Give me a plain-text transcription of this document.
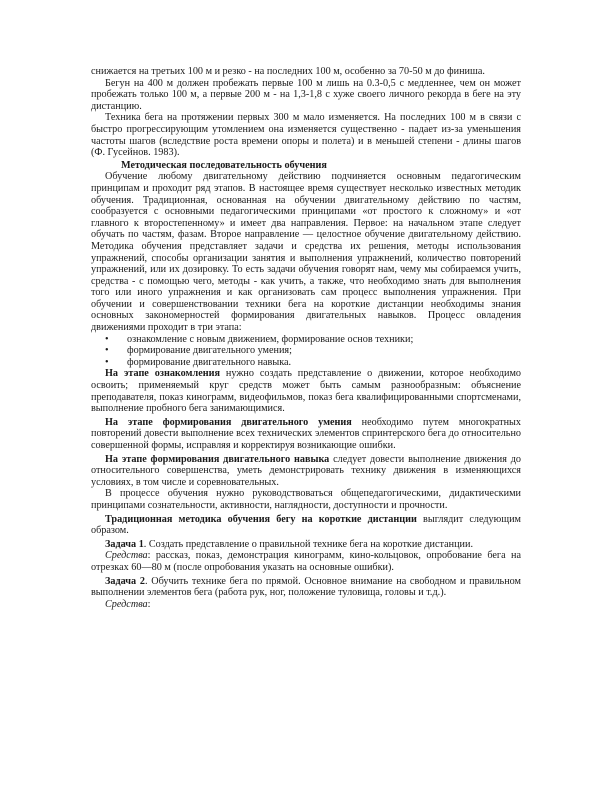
снижается на третьих 100 м и резко - на последних 100 м, особенно за 70-50 м до финиша.

Бегун на 400 м должен пробежать первые 100 м лишь на 0.3-0,5 с медленнее, чем он может пробежать только 100 м, а первые 200 м - на 1,3-1,8 с хуже своего личного рекорда в беге на эту дистанцию.

Техника бега на протяжении первых 300 м мало изменяется. На последних 100 м в связи с быстро прогрессирующим утомлением она изменяется существенно - падает из-за уменьшения частоты шагов (вследствие роста времени опоры и полета) и в меньшей степени - длины шагов (Ф. Гусейнов. 1983).

Методическая последовательность обучения

Обучение любому двигательному действию подчиняется основным педагогическим принципам и проходит ряд этапов. В настоящее время существует несколько известных методик обучения. Традиционная, основанная на обучении двигательному действию по частям, сообразуется с основными педагогическими принципами «от простого к сложному» и «от главного к второстепенному» и имеет два направления. Первое: на начальном этапе следует обучать по частям, фазам. Второе направление — целостное обучение двигательному действию. Методика обучения представляет задачи и средства их решения, методы использования упражнений, способы организации занятия и выполнения упражнений, количество повторений упражнений, или их дозировку. То есть задачи обучения говорят нам, чему мы собираемся учить, средства - с помощью чего, методы - как учить, а также, что необходимо знать для выполнения того или иного упражнения и как организовать сам процесс выполнения упражнения. При обучении и совершенствовании техники бега на короткие дистанции необходимы знания основных закономерностей формирования двигательных навыков. Процесс овладения движениями проходит в три этапа:

• ознакомление с новым движением, формирование основ техники;
• формирование двигательного умения;
• формирование двигательного навыка.

На этапе ознакомления нужно создать представление о движении, которое необходимо освоить; применяемый круг средств может быть самым разнообразным: объяснение преподавателя, показ кинограмм, видеофильмов, показ бега квалифицированными спортсменами, выполнение пробного бега занимающимися.

На этапе формирования двигательного умения необходимо путем многократных повторений довести выполнение всех технических элементов спринтерского бега до относительно совершенной формы, исправляя и корректируя возникающие ошибки.

На этапе формирования двигательного навыка следует довести выполнение движения до относительного совершенства, уметь демонстрировать технику движения в изменяющихся условиях, в том числе и соревновательных.

В процессе обучения нужно руководствоваться общепедагогическими, дидактическими принципами сознательности, активности, наглядности, доступности и прочности.

Традиционная методика обучения бегу на короткие дистанции выглядит следующим образом.

Задача 1. Создать представление о правильной технике бега на короткие дистанции.

Средства: рассказ, показ, демонстрация кинограмм, кино-кольцовок, опробование бега на отрезках 60—80 м (после опробования указать на основные ошибки).

Задача 2. Обучить технике бега по прямой. Основное внимание на свободном и правильном выполнении элементов бега (работа рук, ног, положение туловища, головы и т.д.).

Средства:
